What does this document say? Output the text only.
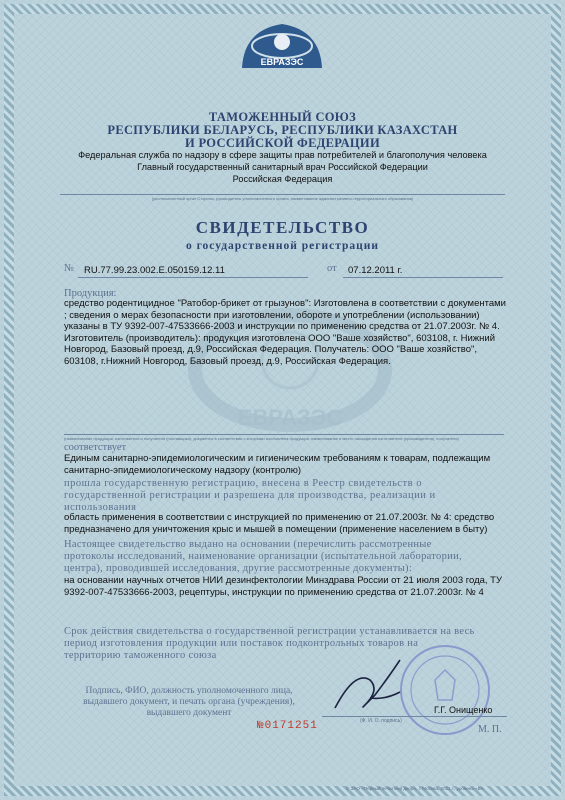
ЕВРАЗЭС
ЕВРАЗЭС
ТАМОЖЕННЫЙ СОЮЗ
РЕСПУБЛИКИ БЕЛАРУСЬ, РЕСПУБЛИКИ КАЗАХСТАН
И РОССИЙСКОЙ ФЕДЕРАЦИИ
Федеральная служба по надзору в сфере защиты прав потребителей и благополучия человека
Главный государственный санитарный врач Российской Федерации
Российская Федерация
(уполномоченный орган Стороны, руководитель уполномоченного органа, наименование административно-территориального образования)
СВИДЕТЕЛЬСТВО
о государственной регистрации
№ RU.77.99.23.002.E.050159.12.11	от 07.12.2011 г.
Продукция:
средство родентицидное "Ратобор-брикет от грызунов": Изготовлена в соответствии с документами
; сведения о мерах безопасности при изготовлении, обороте и употреблении (использовании)
указаны в ТУ 9392-007-47533666-2003 и инструкции по применению средства от 21.07.2003г. № 4.
Изготовитель (производитель): продукция изготовлена ООО "Ваше хозяйство", 603108, г. Нижний
Новгород, Базовый проезд, д.9, Российская Федерация. Получатель: ООО "Ваше хозяйство",
603108, г.Нижний Новгород, Базовый проезд, д.9, Российская Федерация.
(наименование продукции, изготовителя и получателя (поставщика), документы в соответствии с которыми изготовлена продукция, наименование и место нахождения изготовителя (производителя), получателя)
соответствует
Единым санитарно-эпидемиологическим и гигиеническим требованиям к товарам, подлежащим
санитарно-эпидемиологическому надзору (контролю)
прошла государственную регистрацию, внесена в Реестр свидетельств о
государственной регистрации и разрешена для производства, реализации и
использования
область применения в соответствии с инструкцией по применению от 21.07.2003г. № 4: средство
предназначено для уничтожения крыс и мышей в помещении (применение населением в быту)
Настоящее свидетельство выдано на основании (перечислить рассмотренные
протоколы исследований, наименование организации (испытательной лаборатории,
центра), проводившей исследования, другие рассмотренные документы):
на основании научных отчетов НИИ дезинфектологии Минздрава России от 21 июля 2003 года, ТУ
9392-007-47533666-2003, рецептуры, инструкции по применению средства от 21.07.2003г. № 4
Срок действия свидетельства о государственной регистрации устанавливается на весь
период изготовления продукции или поставок подконтрольных товаров на
территорию таможенного союза
Подпись, ФИО, должность уполномоченного лица,
выдавшего документ, и печать органа (учреждения),
выдавшего документ	Г.Г. Онищенко
(Ф. И. О. подпись)
№0171251	М. П.
© ЗАО «Первый печатный двор», г. Москва, 2011 г., уровень «В».
